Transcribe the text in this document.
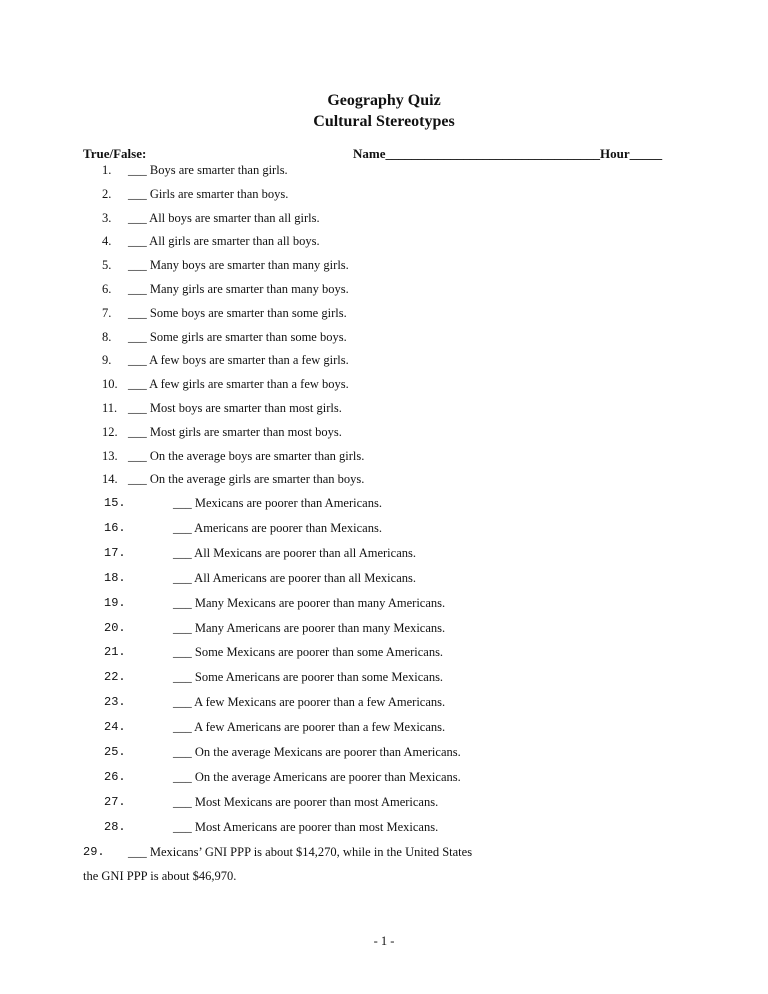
Geography Quiz
Cultural Stereotypes
True/False:	Name_________________________________Hour_____
1.	___ Boys are smarter than girls.
2.	___ Girls are smarter than boys.
3.	___ All boys are smarter than all girls.
4.	___ All girls are smarter than all boys.
5.	___ Many boys are smarter than many girls.
6.	___ Many girls are smarter than many boys.
7.	___ Some boys are smarter than some girls.
8.	___ Some girls are smarter than some boys.
9.	___ A few boys are smarter than a few girls.
10. ___ A few girls are smarter than a few boys.
11. ___ Most boys are smarter than most girls.
12. ___ Most girls are smarter than most boys.
13. ___ On the average boys are smarter than girls.
14. ___ On the average girls are smarter than boys.
15.	___ Mexicans are poorer than Americans.
16.	___ Americans are poorer than Mexicans.
17.	___ All Mexicans are poorer than all Americans.
18.	___ All Americans are poorer than all Mexicans.
19.	___ Many Mexicans are poorer than many Americans.
20.	___ Many Americans are poorer than many Mexicans.
21.	___ Some Mexicans are poorer than some Americans.
22.	___ Some Americans are poorer than some Mexicans.
23.	___ A few Mexicans are poorer than a few Americans.
24.	___ A few Americans are poorer than a few Mexicans.
25.	___ On the average Mexicans are poorer than Americans.
26.	___ On the average Americans are poorer than Mexicans.
27.	___ Most Mexicans are poorer than most Americans.
28.	___ Most Americans are poorer than most Mexicans.
29. ___ Mexicans’ GNI PPP is about $14,270, while in the United States
the GNI PPP is about $46,970.
- 1 -
